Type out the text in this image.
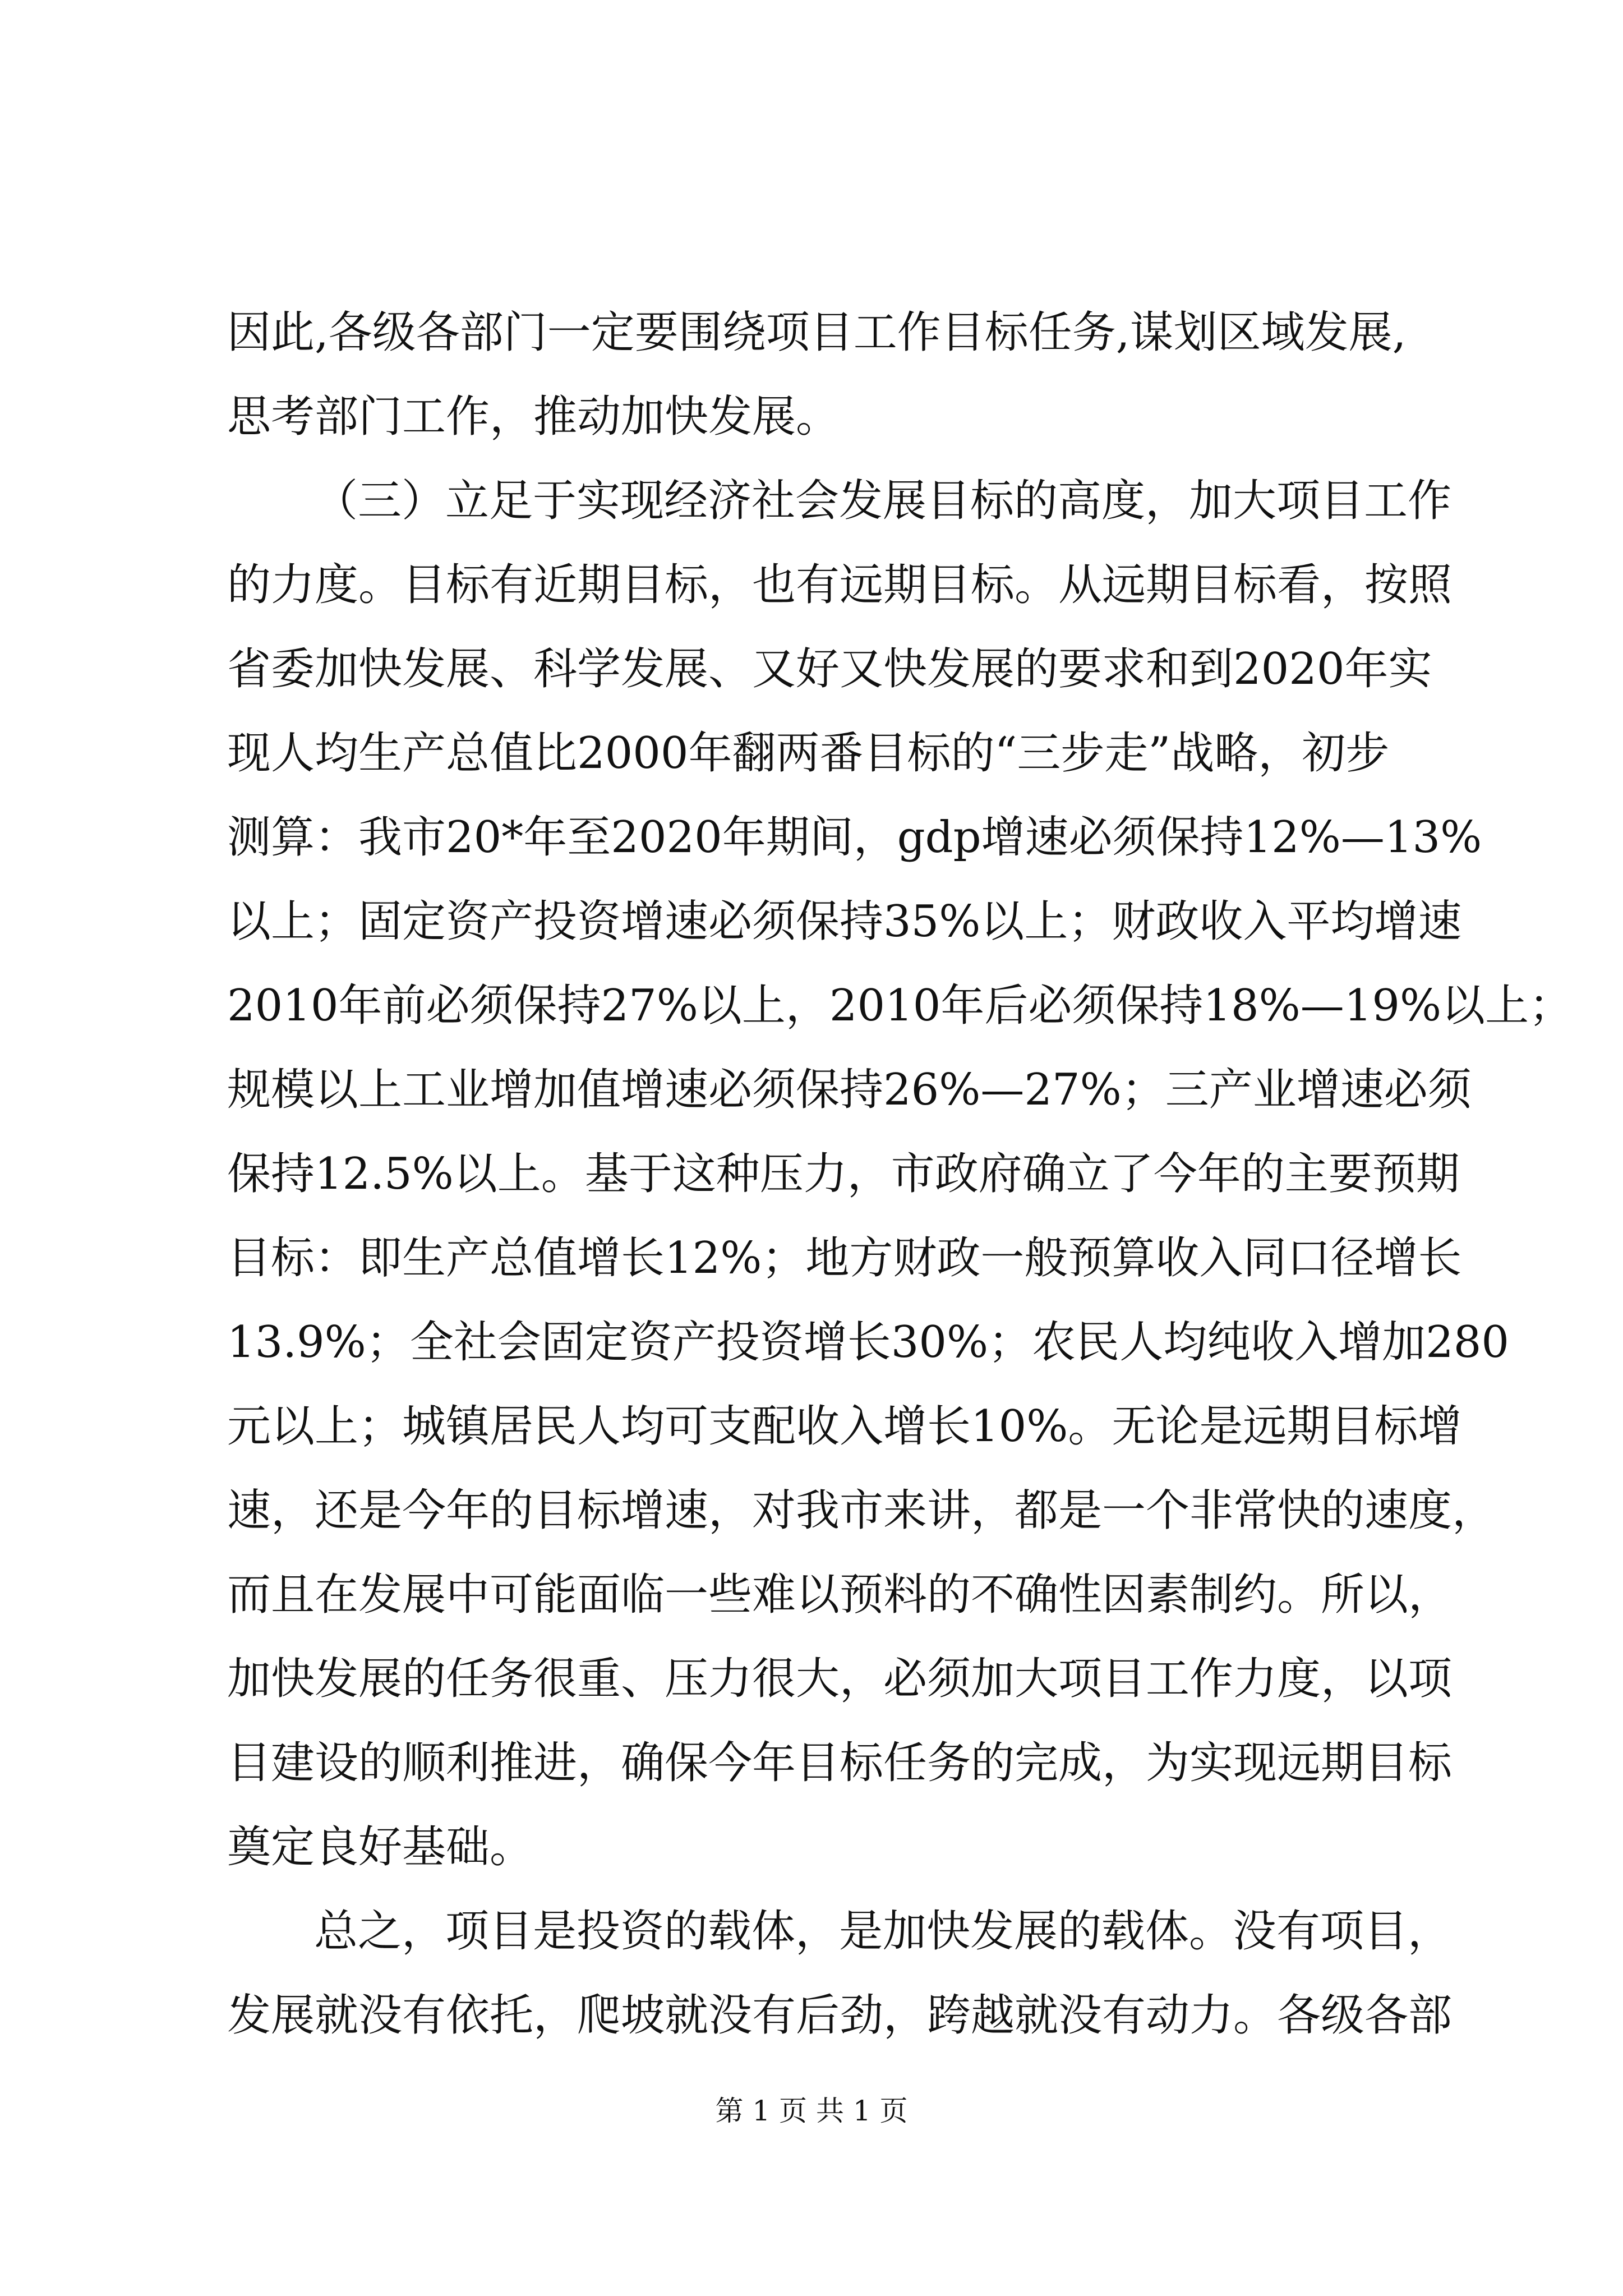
因此,各级各部门一定要围绕项目工作目标任务,谋划区域发展,
思考部门工作，推动加快发展。
（三）立足于实现经济社会发展目标的高度，加大项目工作
的力度。目标有近期目标，也有远期目标。从远期目标看，按照
省委加快发展、科学发展、又好又快发展的要求和到2020年实
现人均生产总值比2000年翻两番目标的“三步走”战略，初步
测算：我市20*年至2020年期间，gdp增速必须保持12%—13%
以上；固定资产投资增速必须保持35%以上；财政收入平均增速
2010年前必须保持27%以上，2010年后必须保持18%—19%以上；
规模以上工业增加值增速必须保持26%—27%；三产业增速必须
保持12.5%以上。基于这种压力，市政府确立了今年的主要预期
目标：即生产总值增长12%；地方财政一般预算收入同口径增长
13.9%；全社会固定资产投资增长30%；农民人均纯收入增加280
元以上；城镇居民人均可支配收入增长10%。无论是远期目标增
速，还是今年的目标增速，对我市来讲，都是一个非常快的速度，
而且在发展中可能面临一些难以预料的不确性因素制约。所以，
加快发展的任务很重、压力很大，必须加大项目工作力度，以项
目建设的顺利推进，确保今年目标任务的完成，为实现远期目标
奠定良好基础。
总之，项目是投资的载体，是加快发展的载体。没有项目，
发展就没有依托，爬坡就没有后劲，跨越就没有动力。各级各部
第 1 页 共 1 页
